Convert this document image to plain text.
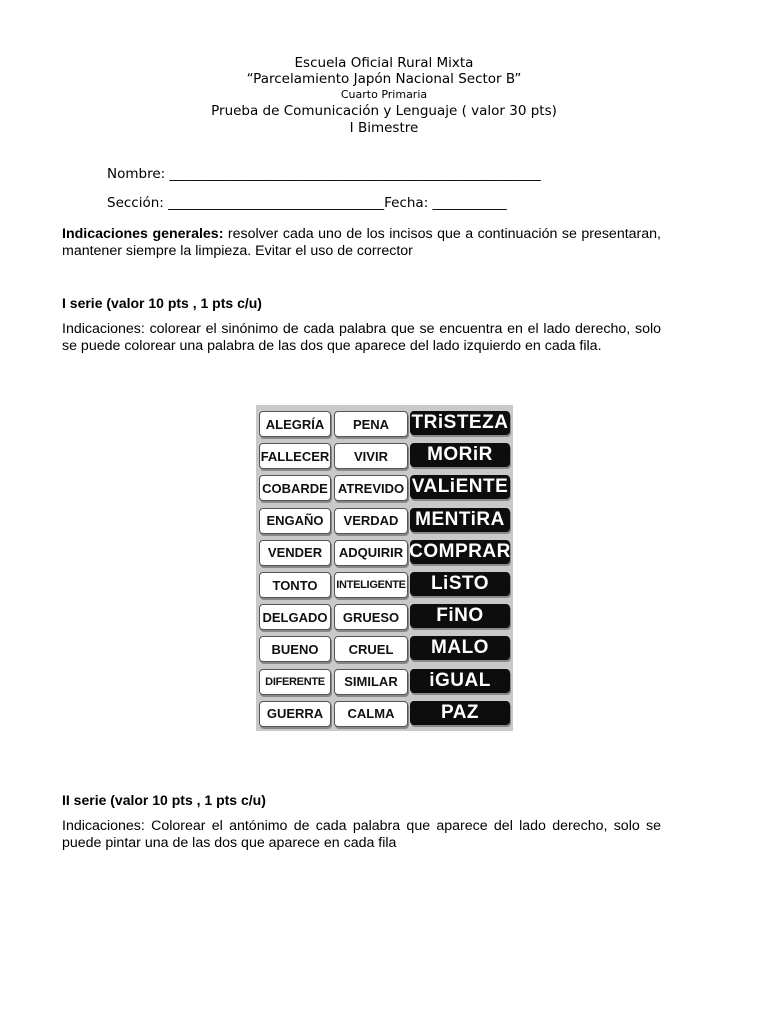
Escuela Oficial Rural Mixta
“Parcelamiento Japón Nacional Sector B”
Cuarto Primaria
Prueba de Comunicación y Lenguaje ( valor 30 pts)
I Bimestre
Nombre: _______________________________________________________
Sección: ________________________________Fecha: ___________
Indicaciones generales: resolver cada uno de los incisos que a continuación se presentaran, mantener siempre la limpieza. Evitar el uso de corrector
I serie (valor 10 pts , 1 pts c/u)
Indicaciones: colorear el sinónimo de cada palabra que se encuentra en el lado derecho, solo se puede colorear una palabra de las dos que aparece del lado izquierdo en cada fila.
ALEGRÍA	PENA	TRiSTEZA
FALLECER	VIVIR	MORiR
COBARDE ATREVIDO VALiENTE
ENGAÑO	VERDAD MENTiRA
VENDER	ADQUIRIR COMPRAR
TONTO	INTELIGENTE	LiSTO
DELGADO	GRUESO	FiNO
BUENO	CRUEL	MALO
DIFERENTE	SIMILAR	iGUAL
GUERRA	CALMA	PAZ
II serie (valor 10 pts , 1 pts c/u)
Indicaciones: Colorear el antónimo de cada palabra que aparece del lado derecho, solo se puede pintar una de las dos que aparece en cada fila
